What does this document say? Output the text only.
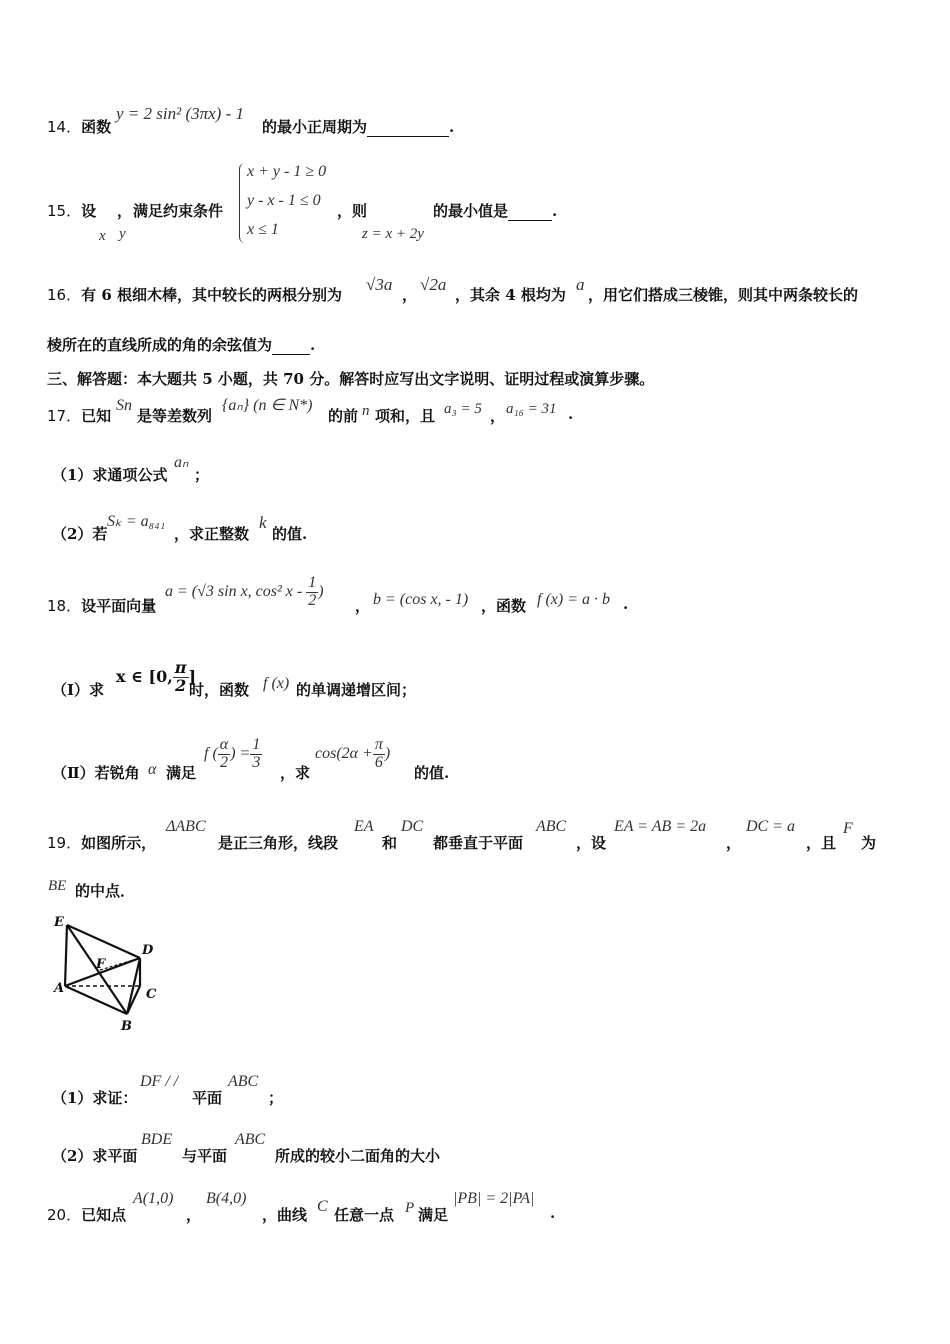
14．函数
y = 2 sin² (3πx) - 1
的最小正周期为	.
15．设 ， 满足约束条件
x y
x + y - 1 ≥ 0
y - x - 1 ≤ 0
x ≤ 1
，则
z = x + 2y
的最小值是	.
16．有 6 根细木棒，其中较长的两根分别为
√3a
，
√2a
，其余 4 根均为
a
，用它们搭成三棱锥，则其中两条较长的
棱所在的直线所成的角的余弦值为	.
三、解答题：本大题共 5 小题，共 70 分。解答时应写出文字说明、证明过程或演算步骤。
17．已知
Sn
是等差数列
{aₙ} (n ∈ N*)
的前 n 项和，且 a₃ = 5 ， a₁₆ = 31 .
（1）求通项公式
aₙ
；
（2）若
Sₖ = a₈₄₁
，求正整数
k
的值.
18．设平面向量
a = (√3 sin x, cos² x - $\frac{1}{2}$ )
， b = (cos x, - 1) ，函数 f (x) = a · b .
（Ⅰ）求
x ∈ [0, $\frac{\pi}{2}$ ]
时，函数 f (x) 的单调递增区间；
（Ⅱ）若锐角 α 满足
f ( $\frac{\alpha}{2}$ ) = $\frac{1}{3}$
，求
$\cos(2\alpha + \frac{\pi}{6}$ )
的值.
19．如图所示，
ΔABC
是正三角形，线段
EA
和
DC
都垂直于平面
ABC
，设
EA = AB = 2a
，
DC = a
，且
F
为
BE 的中点．
E
D
F
A	C
B
（1）求证：
DF / /
平面
ABC
；
（2）求平面
BDE
与平面
ABC
所成的较小二面角的大小
20．已知点
A(1,0)
，
B(4,0)
，曲线 C 任意一点 P 满足
|PB| = 2|PA|
.
